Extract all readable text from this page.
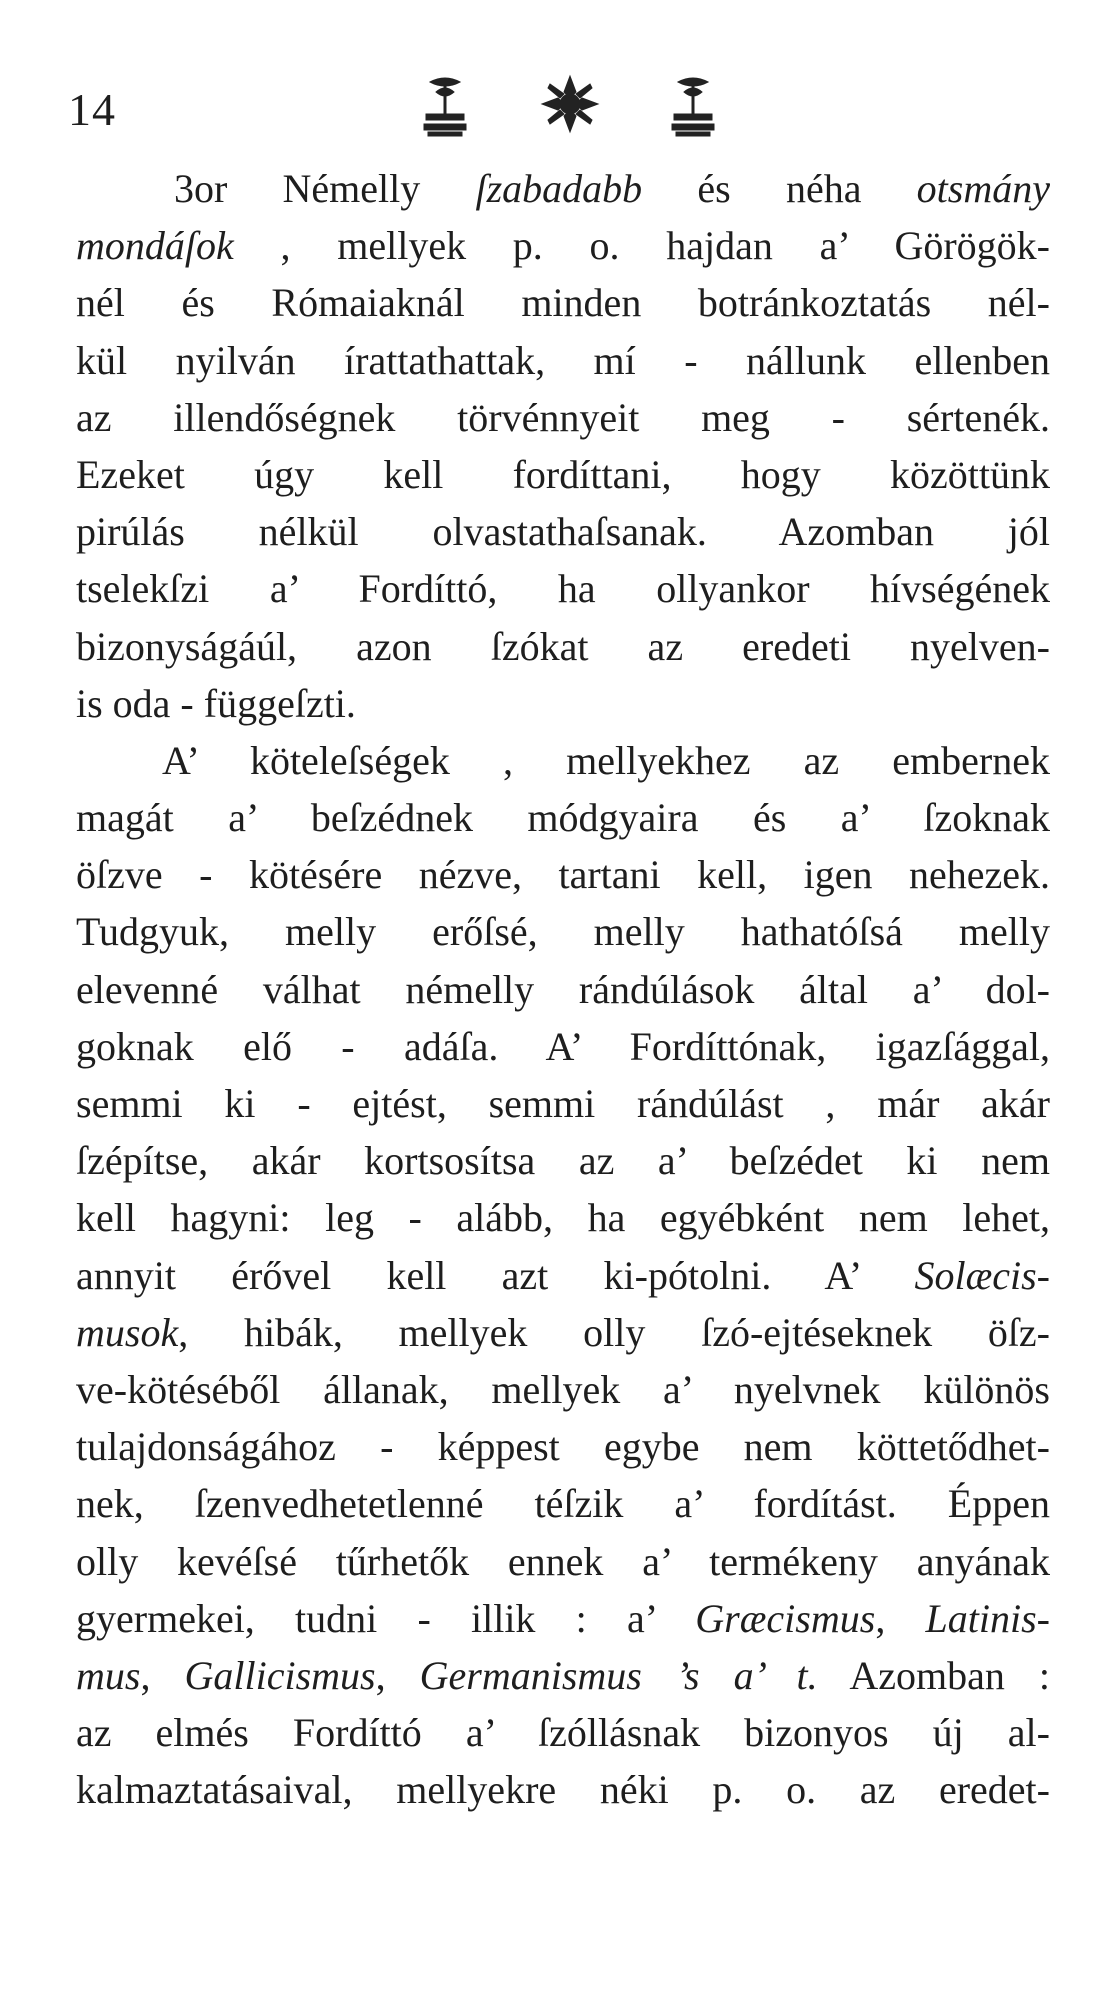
14
3or Némelly ſzabadabb és néha otsmány
mondáſok , mellyek p. o. hajdan a’ Görögök-
nél és Rómaiaknál minden botránkoztatás nél-
kül nyilván írattathattak, mí - nállunk ellenben
az illendőségnek törvénnyeit meg - sértenék.
Ezeket úgy kell fordíttani, hogy közöttünk
pirúlás nélkül olvastathaſsanak. Azomban jól
tselekſzi a’ Fordíttó, ha ollyankor hívségének
bizonyságáúl, azon ſzókat az eredeti nyelven-
is oda - függeſzti.
A’ köteleſségek , mellyekhez az embernek
magát a’ beſzédnek módgyaira és a’ ſzoknak
öſzve - kötésére nézve, tartani kell, igen nehezek.
Tudgyuk, melly erőſsé, melly hathatóſsá melly
elevenné válhat némelly rándúlások által a’ dol-
goknak elő - adáſa. A’ Fordíttónak, igazſággal,
semmi ki - ejtést, semmi rándúlást , már akár
ſzépítse, akár kortsosítsa az a’ beſzédet ki nem
kell hagyni: leg - alább, ha egyébként nem lehet,
annyit érővel kell azt ki-pótolni. A’ Solæcis-
musok, hibák, mellyek olly ſzó-ejtéseknek öſz-
ve-kötéséből állanak, mellyek a’ nyelvnek különös
tulajdonságához - képpest egybe nem köttetődhet-
nek, ſzenvedhetetlenné téſzik a’ fordítást. Éppen
olly kevéſsé tűrhetők ennek a’ termékeny anyának
gyermekei, tudni - illik : a’ Græcismus, Latinis-
mus, Gallicismus, Germanismus ’s a’ t. Azomban :
az elmés Fordíttó a’ ſzóllásnak bizonyos új al-
kalmaztatásaival, mellyekre néki p. o. az eredet-
